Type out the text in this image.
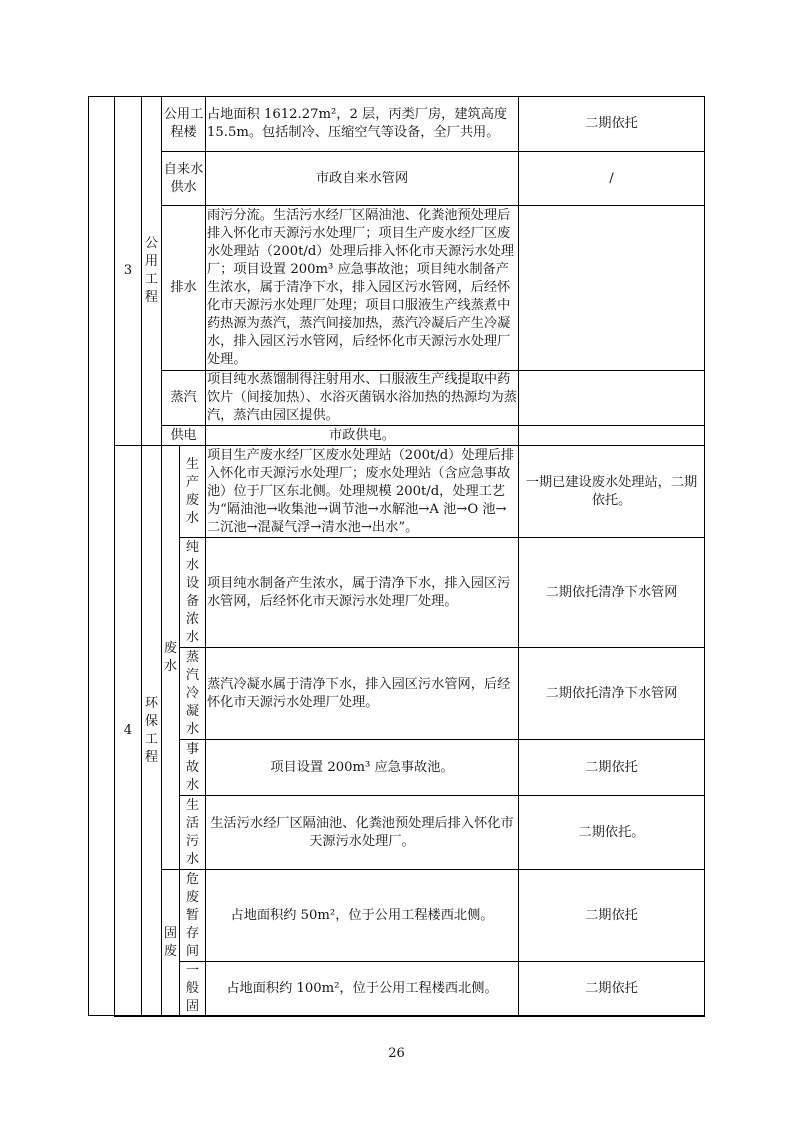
3	公用工程	公用工程楼		占地面积 1612.27m²，2 层，丙类厂房，建筑高度 15.5m。包括制冷、压缩空气等设备，全厂共用。	二期依托
		自来水供水		市政自来水管网	/
		排水		雨污分流。生活污水经厂区隔油池、化粪池预处理后排入怀化市天源污水处理厂；项目生产废水经厂区废水处理站（200t/d）处理后排入怀化市天源污水处理厂；项目设置 200m³ 应急事故池；项目纯水制备产生浓水，属于清净下水，排入园区污水管网，后经怀化市天源污水处理厂处理；项目口服液生产线蒸煮中药热源为蒸汽，蒸汽间接加热，蒸汽冷凝后产生冷凝水，排入园区污水管网，后经怀化市天源污水处理厂处理。	
		蒸汽		项目纯水蒸馏制得注射用水、口服液生产线提取中药饮片（间接加热）、水浴灭菌锅水浴加热的热源均为蒸汽，蒸汽由园区提供。	
		供电		市政供电。	
4	环保工程	废水	生产废水	项目生产废水经厂区废水处理站（200t/d）处理后排入怀化市天源污水处理厂；废水处理站（含应急事故池）位于厂区东北侧。处理规模 200t/d，处理工艺为“隔油池→收集池→调节池→水解池→A 池→O 池→二沉池→混凝气浮→清水池→出水”。	一期已建设废水处理站，二期依托。
			纯水设备浓水	项目纯水制备产生浓水，属于清净下水，排入园区污水管网，后经怀化市天源污水处理厂处理。	二期依托清净下水管网
			蒸汽冷凝水	蒸汽冷凝水属于清净下水，排入园区污水管网，后经怀化市天源污水处理厂处理。	二期依托清净下水管网
			事故水	项目设置 200m³ 应急事故池。	二期依托
			生活污水	生活污水经厂区隔油池、化粪池预处理后排入怀化市天源污水处理厂。	二期依托。
		固废	危废暂存间	占地面积约 50m²，位于公用工程楼西北侧。	二期依托
			一般固	占地面积约 100m²，位于公用工程楼西北侧。	二期依托
26
